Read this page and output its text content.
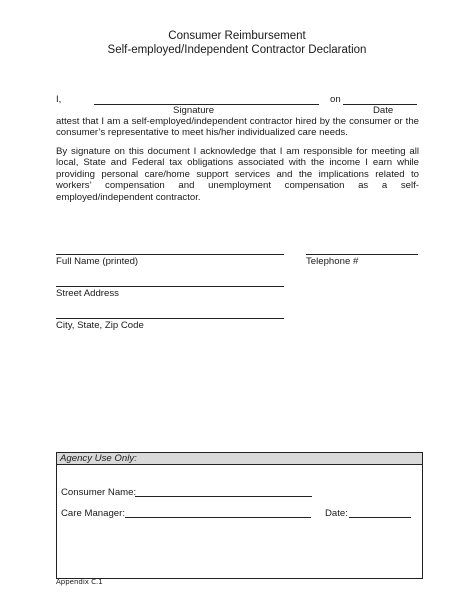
Consumer Reimbursement
Self-employed/Independent Contractor Declaration
I,	on
Signature	Date
attest that I am a self-employed/independent contractor hired by the consumer or the consumer’s representative to meet his/her individualized care needs.
By signature on this document I acknowledge that I am responsible for meeting all local, State and Federal tax obligations associated with the income I earn while providing personal care/home support services and the implications related to workers’ compensation and unemployment compensation as a self-employed/independent contractor.
Full Name (printed)	Telephone #
Street Address
City, State, Zip Code
Agency Use Only:
Consumer Name:
Care Manager:	Date:
Appendix C.1
